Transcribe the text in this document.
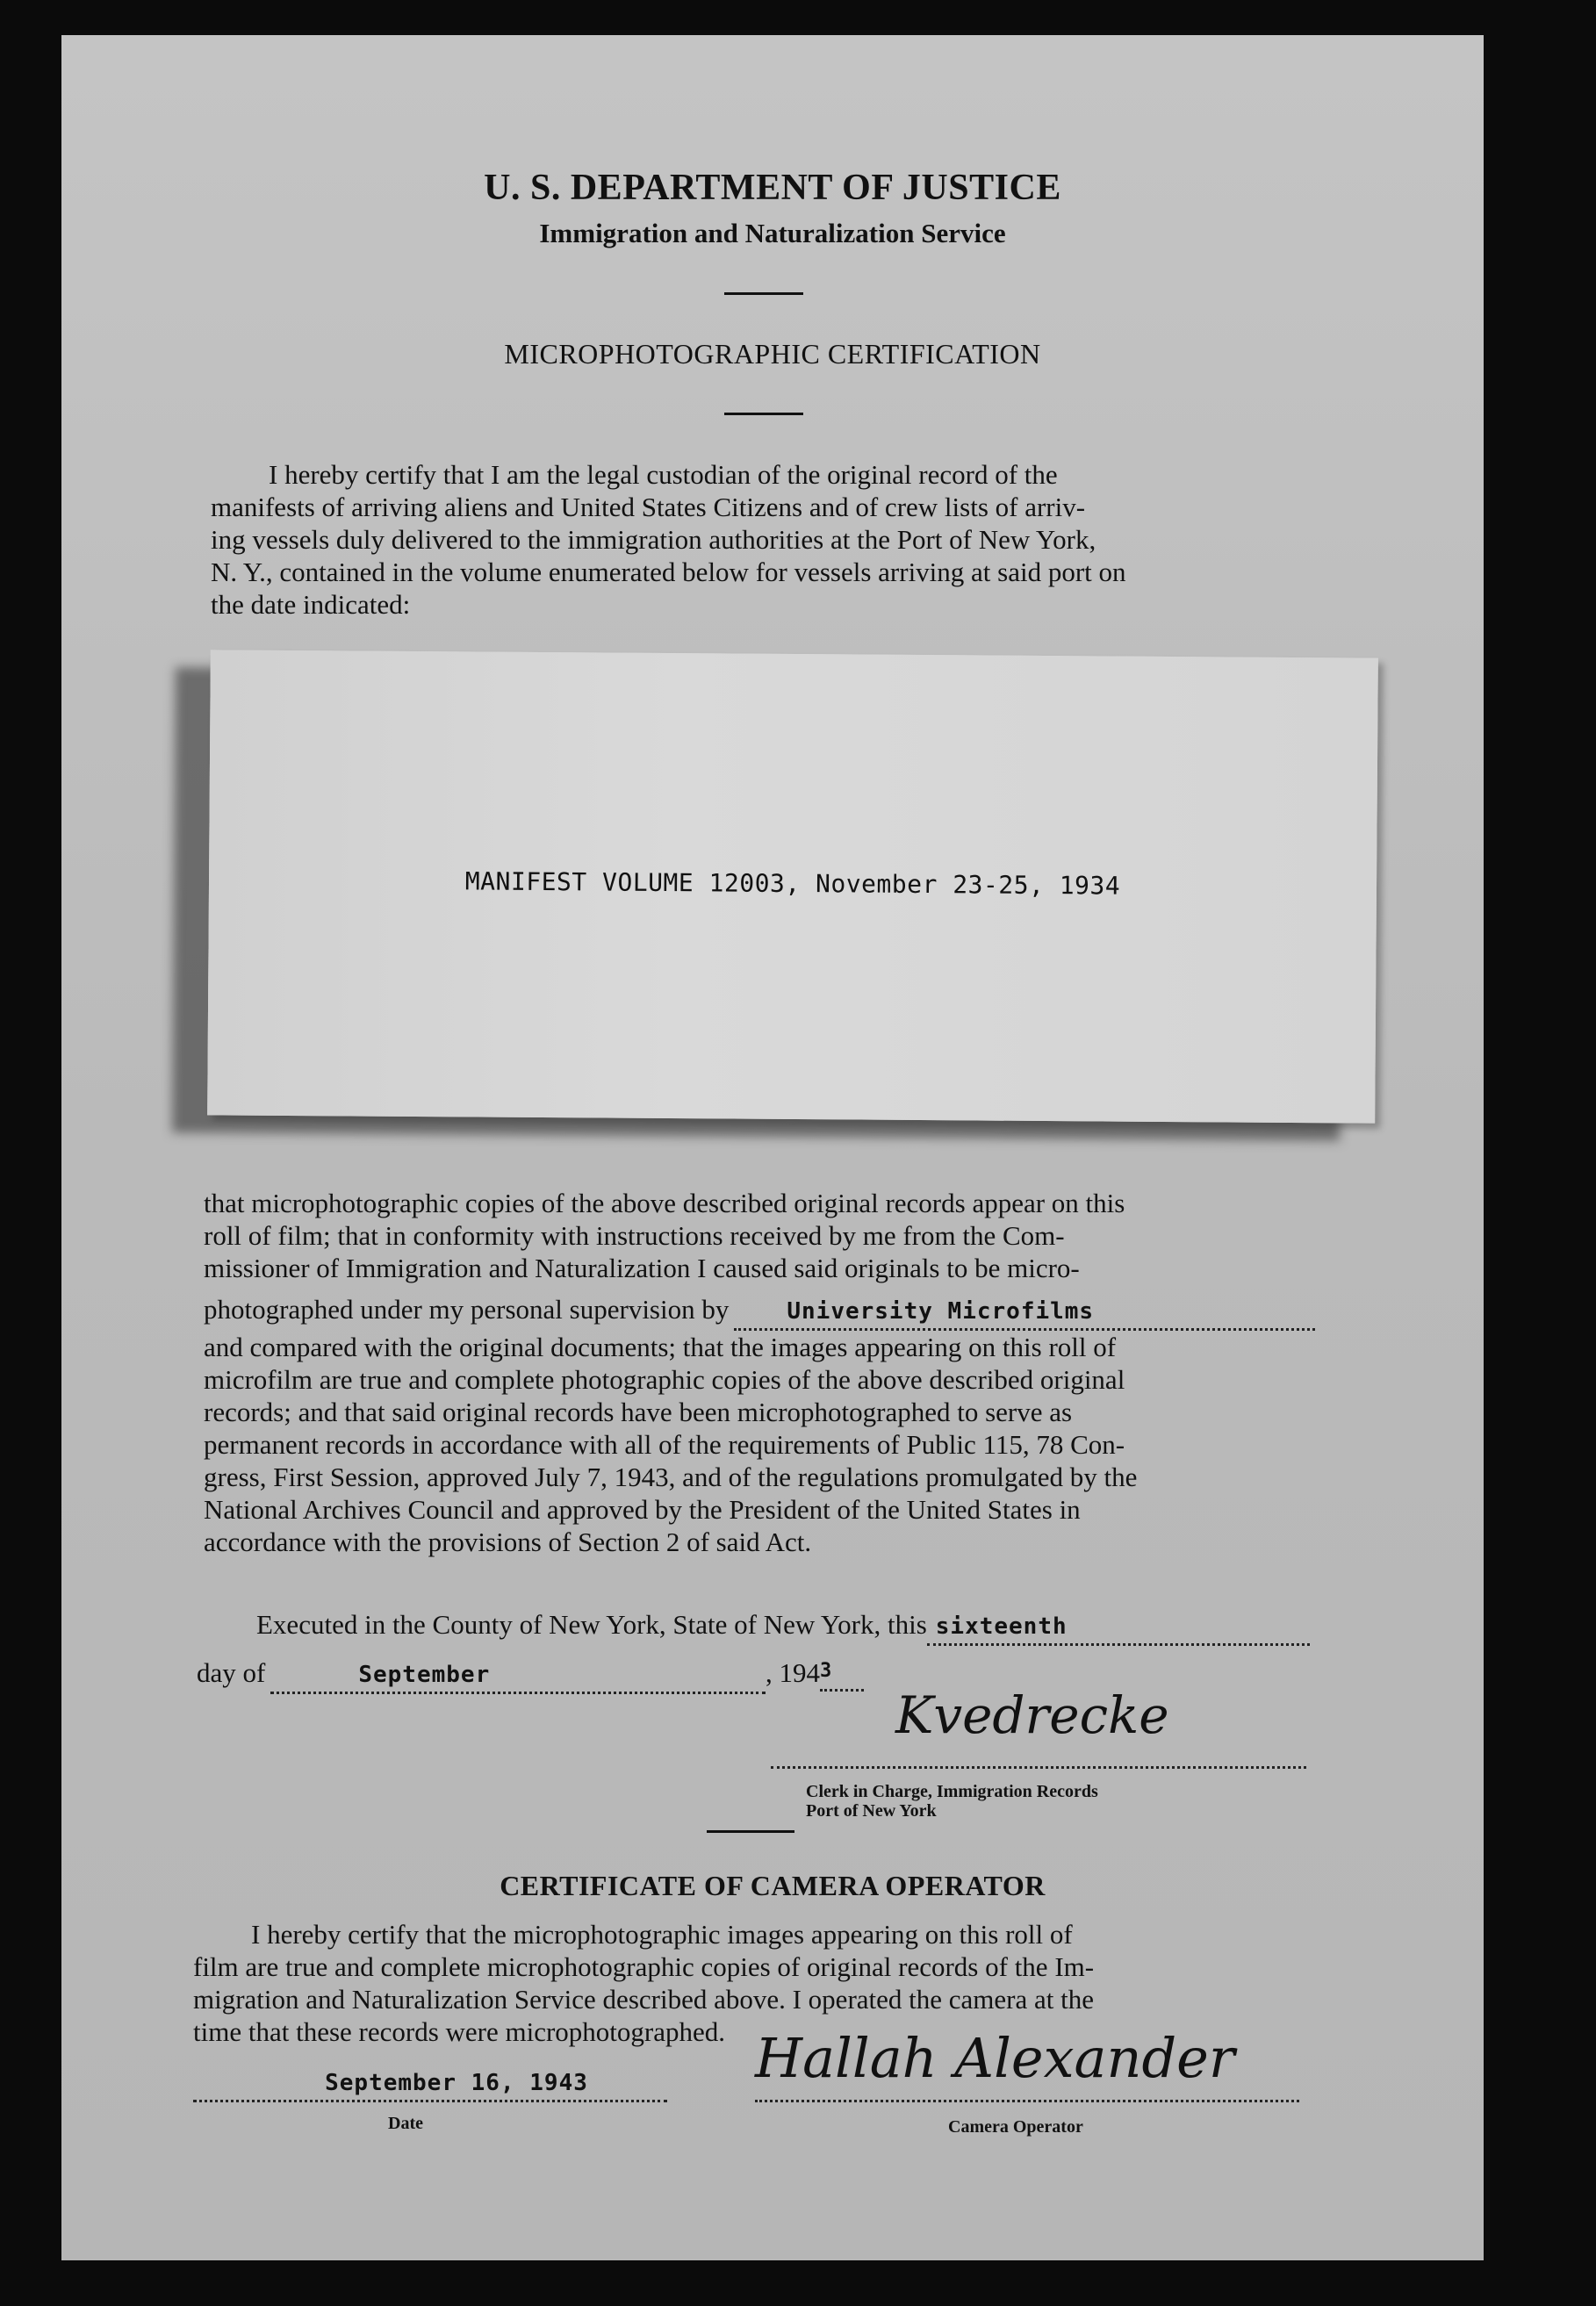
U. S. DEPARTMENT OF JUSTICE
Immigration and Naturalization Service
MICROPHOTOGRAPHIC CERTIFICATION

I hereby certify that I am the legal custodian of the original record of the

manifests of arriving aliens and United States Citizens and of crew lists of arriv-

ing vessels duly delivered to the immigration authorities at the Port of New York,

N. Y., contained in the volume enumerated below for vessels arriving at said port on

the date indicated:

MANIFEST VOLUME 12003, November 23-25, 1934

that microphotographic copies of the above described original records appear on this

roll of film; that in conformity with instructions received by me from the Com-

missioner of Immigration and Naturalization I caused said originals to be micro-

photographed under my personal supervision by	University Microfilms

and compared with the original documents; that the images appearing on this roll of

microfilm are true and complete photographic copies of the above described original

records; and that said original records have been microphotographed to serve as

permanent records in accordance with all of the requirements of Public 115, 78 Con-

gress, First Session, approved July 7, 1943, and of the regulations promulgated by the

National Archives Council and approved by the President of the United States in

accordance with the provisions of Section 2 of said Act.

Executed in the County of New York, State of New York, this sixteenth
day of	September	, 194 3
Kvedrecke
Clerk in Charge, Immigration Records
Port of New York
CERTIFICATE OF CAMERA OPERATOR

I hereby certify that the microphotographic images appearing on this roll of

film are true and complete microphotographic copies of original records of the Im-

migration and Naturalization Service described above. I operated the camera at the

time that these records were microphotographed.

September 16, 1943
Date
Hallah Alexander
Camera Operator
